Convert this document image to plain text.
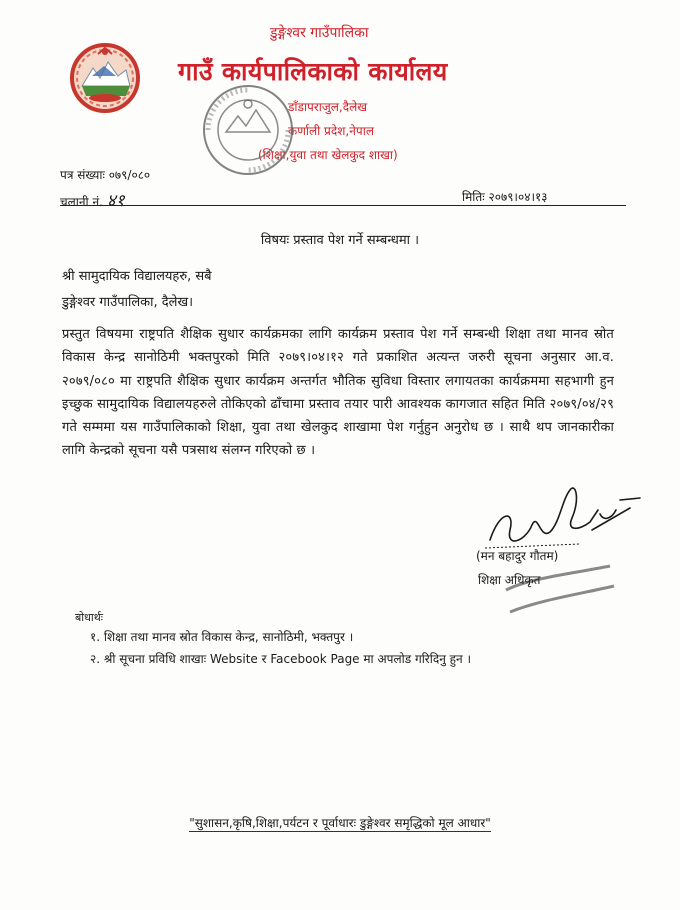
डुङ्गेश्वर गाउँपालिका
गाउँ कार्यपालिकाको कार्यालय
डाँडापराजुल,दैलेख
कर्णाली प्रदेश,नेपाल
(शिक्षा,युवा तथा खेलकुद शाखा)
पत्र संख्याः ०७९/०८०
चलानी नं. ४१	मितिः २०७९।०४।१३
विषयः प्रस्ताव पेश गर्ने सम्बन्धमा ।
श्री सामुदायिक विद्यालयहरु, सबै
डुङ्गेश्वर गाउँपालिका, दैलेख।
प्रस्तुत विषयमा राष्ट्रपति शैक्षिक सुधार कार्यक्रमका लागि कार्यक्रम प्रस्ताव पेश गर्ने सम्बन्धी शिक्षा तथा मानव स्रोत विकास केन्द्र सानोठिमी भक्तपुरको मिति २०७९।०४।१२ गते प्रकाशित अत्यन्त जरुरी सूचना अनुसार आ.व. २०७९/०८० मा राष्ट्रपति शैक्षिक सुधार कार्यक्रम अन्तर्गत भौतिक सुविधा विस्तार लगायतका कार्यक्रममा सहभागी हुन इच्छुक सामुदायिक विद्यालयहरुले तोकिएको ढाँचामा प्रस्ताव तयार पारी आवश्यक कागजात सहित मिति २०७९/०४/२९ गते सम्ममा यस गाउँपालिकाको शिक्षा, युवा तथा खेलकुद शाखामा पेश गर्नुहुन अनुरोध छ । साथै थप जानकारीका लागि केन्द्रको सूचना यसै पत्रसाथ संलग्न गरिएको छ ।
(मन बहादुर गौतम)
शिक्षा अधिकृत
बोधार्थः
१. शिक्षा तथा मानव स्रोत विकास केन्द्र, सानोठिमी, भक्तपुर ।
२. श्री सूचना प्रविधि शाखाः Website र Facebook Page मा अपलोड गरिदिनु हुन ।
"सुशासन,कृषि,शिक्षा,पर्यटन र पूर्वाधारः डुङ्गेश्वर समृद्धिको मूल आधार"
